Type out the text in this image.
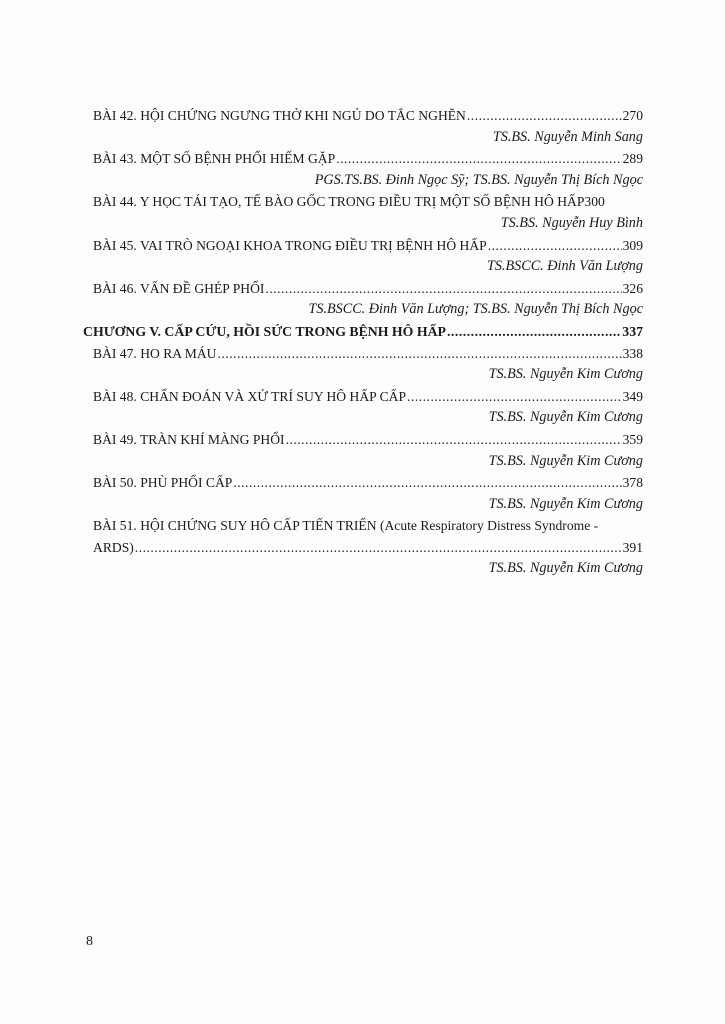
BÀI 42. HỘI CHỨNG NGƯNG THỞ KHI NGỦ DO TẮC NGHẼN .....	270
TS.BS. Nguyễn Minh Sang
BÀI 43. MỘT SỐ BỆNH PHỔI HIẾM GẶP .....	289
PGS.TS.BS. Đinh Ngọc Sỹ; TS.BS. Nguyễn Thị Bích Ngọc
BÀI 44. Y HỌC TÁI TẠO, TẾ BÀO GỐC TRONG ĐIỀU TRỊ MỘT SỐ BỆNH HÔ HẤP 300
TS.BS. Nguyễn Huy Bình
BÀI 45. VAI TRÒ NGOẠI KHOA TRONG ĐIỀU TRỊ BỆNH HÔ HẤP .....	309
TS.BSCC. Đinh Văn Lượng
BÀI 46. VẤN ĐỀ GHÉP PHỔI .....	326
TS.BSCC. Đinh Văn Lượng; TS.BS. Nguyễn Thị Bích Ngọc
CHƯƠNG V. CẤP CỨU, HỒI SỨC TRONG BỆNH HÔ HẤP .....	337
BÀI 47. HO RA MÁU .....	338
TS.BS. Nguyễn Kim Cương
BÀI 48. CHẨN ĐOÁN VÀ XỬ TRÍ SUY HÔ HẤP CẤP .....	349
TS.BS. Nguyễn Kim Cương
BÀI 49. TRÀN KHÍ MÀNG PHỔI .....	359
TS.BS. Nguyễn Kim Cương
BÀI 50. PHÙ PHỔI CẤP .....	378
TS.BS. Nguyễn Kim Cương
BÀI 51. HỘI CHỨNG SUY HÔ CẤP TIẾN TRIỂN (Acute Respiratory Distress Syndrome -
ARDS) .....	391
TS.BS. Nguyễn Kim Cương
8
